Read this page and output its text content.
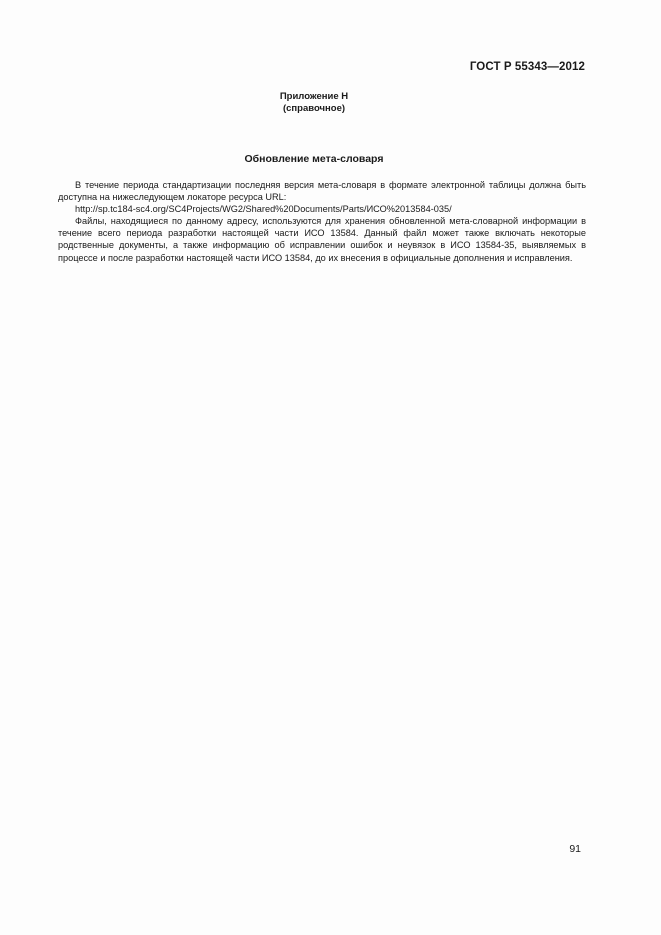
ГОСТ Р 55343—2012
Приложение Н
(справочное)
Обновление мета-словаря

В течение периода стандартизации последняя версия мета-словаря в формате электронной таблицы должна быть доступна на нижеследующем локаторе ресурса URL:

http://sp.tc184-sc4.org/SC4Projects/WG2/Shared%20Documents/Parts/ИСО%2013584-035/

Файлы, находящиеся по данному адресу, используются для хранения обновленной мета-словарной информации в течение всего периода разработки настоящей части ИСО 13584. Данный файл может также включать некоторые родственные документы, а также информацию об исправлении ошибок и неувязок в ИСО 13584-35, выявляемых в процессе и после разработки настоящей части ИСО 13584, до их внесения в официальные дополнения и исправления.

91
